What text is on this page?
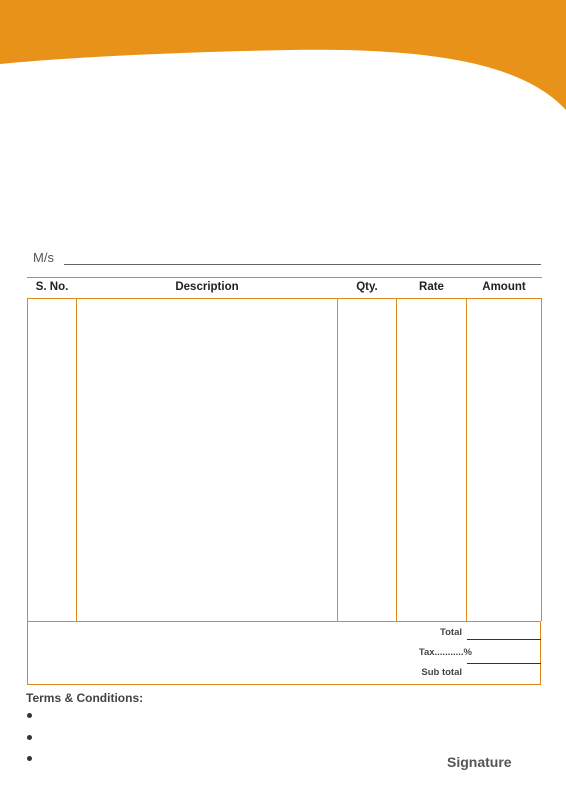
M/s
S. No.	Description	Qty.	Rate	Amount
Total
Tax...........%
Sub total
Terms & Conditions:
Signature
